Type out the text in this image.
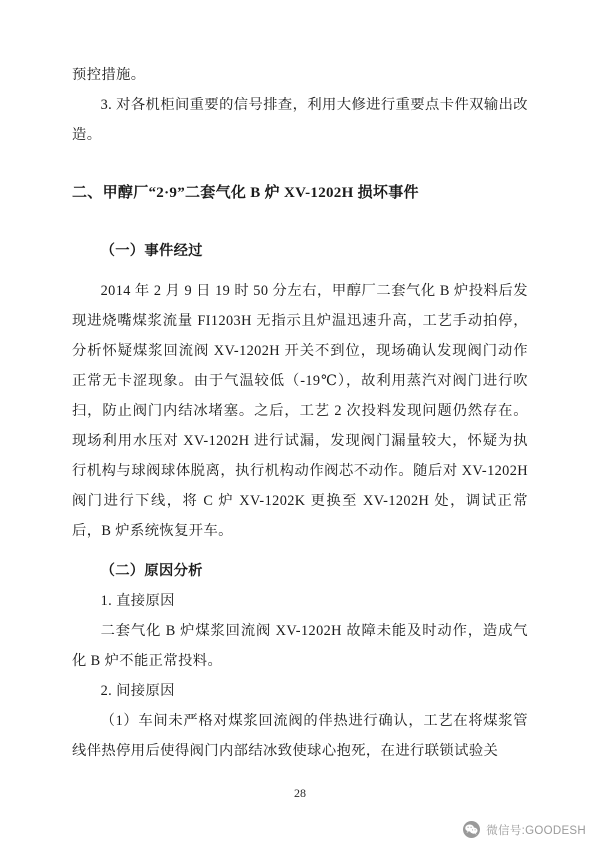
预控措施。

3. 对各机柜间重要的信号排查，利用大修进行重要点卡件双输出改造。

二、甲醇厂“2·9”二套气化 B 炉 XV-1202H 损坏事件

（一）事件经过

2014 年 2 月 9 日 19 时 50 分左右，甲醇厂二套气化 B 炉投料后发现进烧嘴煤浆流量 FI1203H 无指示且炉温迅速升高，工艺手动拍停，分析怀疑煤浆回流阀 XV-1202H 开关不到位，现场确认发现阀门动作正常无卡涩现象。由于气温较低（-19℃），故利用蒸汽对阀门进行吹扫，防止阀门内结冰堵塞。之后，工艺 2 次投料发现问题仍然存在。现场利用水压对 XV-1202H 进行试漏，发现阀门漏量较大，怀疑为执行机构与球阀球体脱离，执行机构动作阀芯不动作。随后对 XV-1202H 阀门进行下线，将 C 炉 XV-1202K 更换至 XV-1202H 处，调试正常后，B 炉系统恢复开车。

（二）原因分析

1. 直接原因

二套气化 B 炉煤浆回流阀 XV-1202H 故障未能及时动作，造成气化 B 炉不能正常投料。

2. 间接原因

（1）车间未严格对煤浆回流阀的伴热进行确认，工艺在将煤浆管线伴热停用后使得阀门内部结冰致使球心抱死，在进行联锁试验关

28
微信号:GOODESH
